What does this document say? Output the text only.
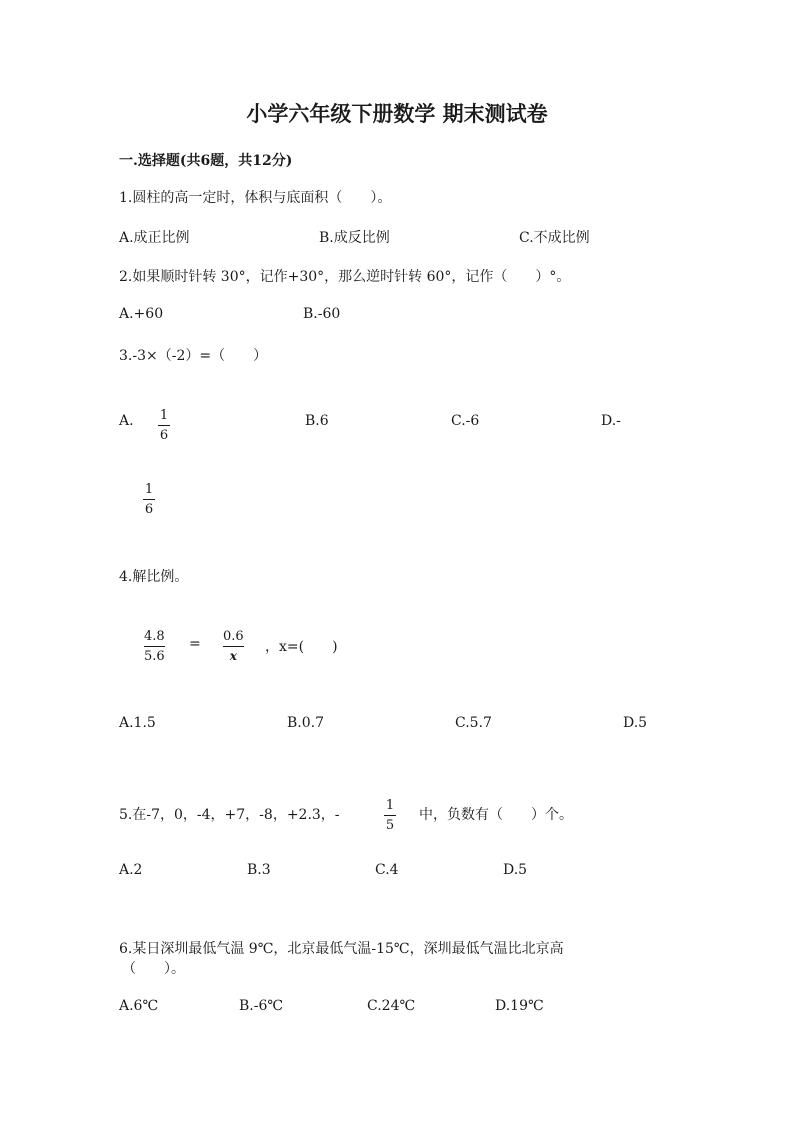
小学六年级下册数学 期末测试卷
一.选择题(共6题，共12分)
1.圆柱的高一定时，体积与底面积（　　）。
A.成正比例	B.成反比例	C.不成比例
2.如果顺时针转 30°，记作+30°，那么逆时针转 60°，记作（　　）°。
A.+60	B.-60
3.-3×（-2）=（　　）
A. 1
6
B.6	C.-6	D.-
1
6
4.解比例。
4.8
5.6
= 0.6
x
，x=(　　)
A.1.5	B.0.7	C.5.7	D.5
5.在-7，0，-4，+7，-8，+2.3，-
1
5
中，负数有（　　）个。
A.2	B.3	C.4	D.5
6.某日深圳最低气温 9℃，北京最低气温-15℃，深圳最低气温比北京高
（　　）。
A.6℃	B.-6℃	C.24℃	D.19℃
